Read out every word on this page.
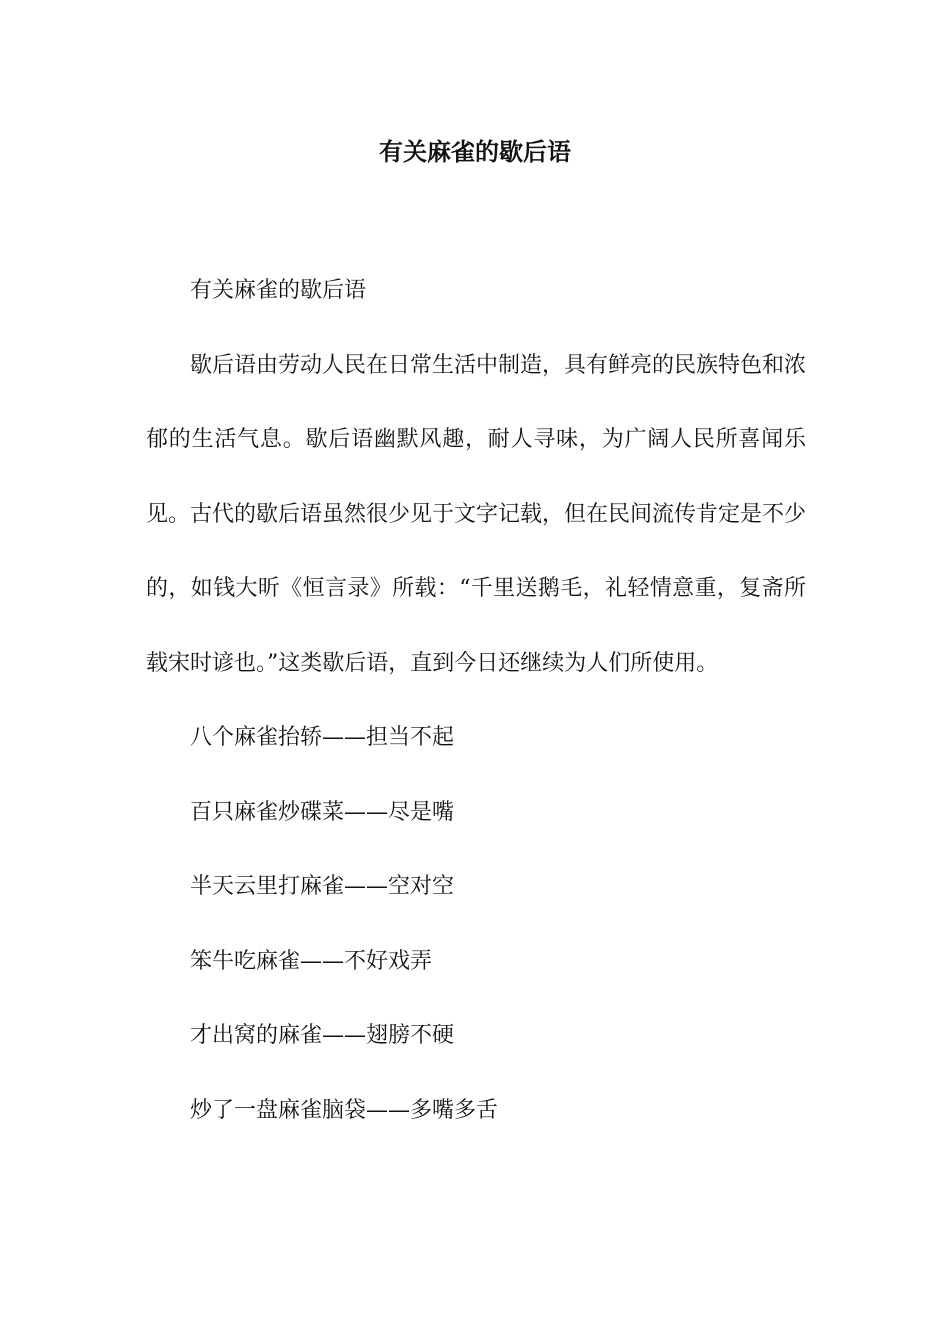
有关麻雀的歇后语

有关麻雀的歇后语

歇后语由劳动人民在日常生活中制造，具有鲜亮的民族特色和浓郁的生活气息。歇后语幽默风趣，耐人寻味，为广阔人民所喜闻乐见。古代的歇后语虽然很少见于文字记载，但在民间流传肯定是不少的，如钱大昕《恒言录》所载：“千里送鹅毛，礼轻情意重，复斋所载宋时谚也。”这类歇后语，直到今日还继续为人们所使用。

八个麻雀抬轿——担当不起

百只麻雀炒碟菜——尽是嘴

半天云里打麻雀——空对空

笨牛吃麻雀——不好戏弄

才出窝的麻雀——翅膀不硬

炒了一盘麻雀脑袋——多嘴多舌
